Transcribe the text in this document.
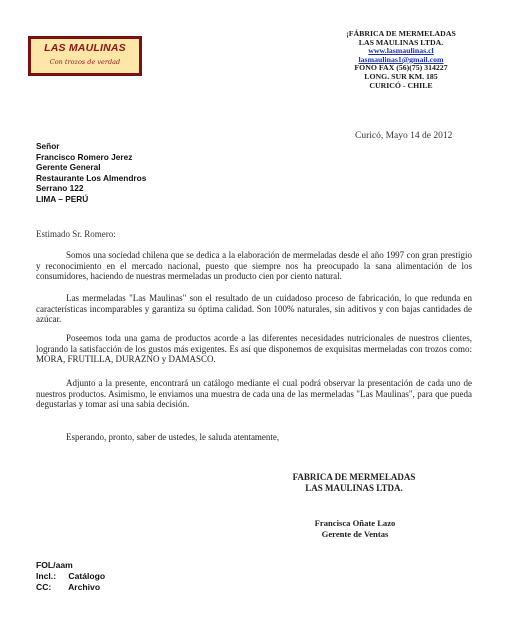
LAS MAULINAS
Con trozos de verdad
¡FÁBRICA DE MERMELADAS
LAS MAULINAS LTDA.
www.lasmaulinas.cl
lasmaulinas1@gmail.com
FONO FAX (56)(75) 314227
LONG. SUR KM. 185
CURICÓ - CHILE
Curicó, Mayo 14 de 2012
Señor
Francisco Romero Jerez
Gerente General
Restaurante Los Almendros
Serrano 122
LIMA – PERÚ
Estimado Sr. Romero:

Somos una sociedad chilena que se dedica a la elaboración de mermeladas desde el año 1997 con gran prestigio y reconocimiento en el mercado nacional, puesto que siempre nos ha preocupado la sana alimentación de los consumidores, haciendo de nuestras mermeladas un producto cien por ciento natural.

Las mermeladas "Las Maulinas" son el resultado de un cuidadoso proceso de fabricación, lo que redunda en características incomparables y garantiza su óptima calidad. Son 100% naturales, sin aditivos y con bajas cantidades de azúcar.

Poseemos toda una gama de productos acorde a las diferentes necesidades nutricionales de nuestros clientes, logrando la satisfacción de los gustos más exigentes. Es así que disponemos de exquisitas mermeladas con trozos como: MORA, FRUTILLA, DURAZNO y DAMASCO.

Adjunto a la presente, encontrará un catálogo mediante el cual podrá observar la presentación de cada uno de nuestros productos. Asimismo, le enviamos una muestra de cada una de las mermeladas "Las Maulinas", para que pueda degustarlas y tomar así una sabia decisión.

Esperando, pronto, saber de ustedes, le saluda atentamente,

FABRICA DE MERMELADAS
LAS MAULINAS LTDA.
Francisca Oñate Lazo
Gerente de Ventas
FOL/aam
Incl.: Catálogo
CC: Archivo
